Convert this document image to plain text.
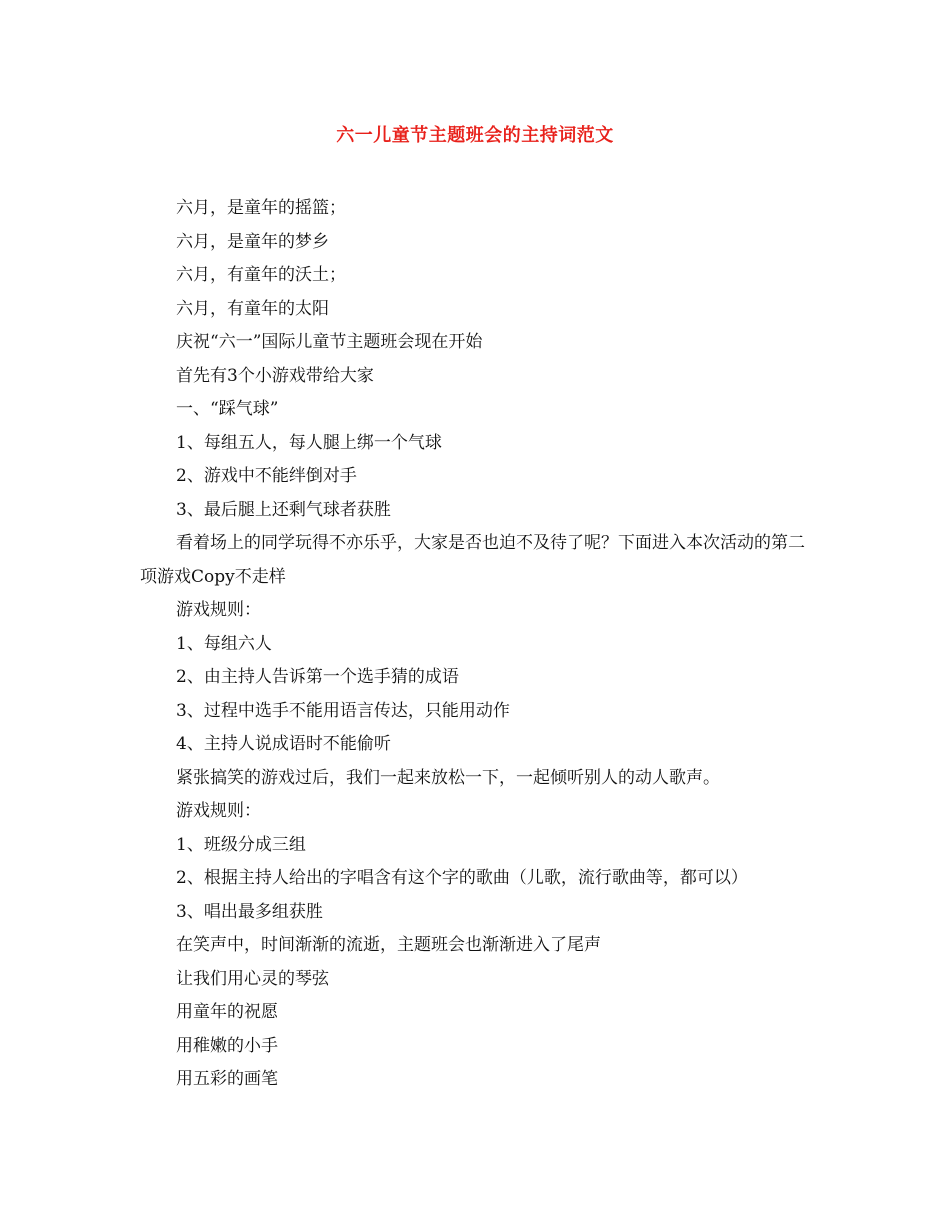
六一儿童节主题班会的主持词范文

六月，是童年的摇篮；

六月，是童年的梦乡

六月，有童年的沃土；

六月，有童年的太阳

庆祝“六一”国际儿童节主题班会现在开始

首先有3个小游戏带给大家

一、“踩气球”

1、每组五人，每人腿上绑一个气球

2、游戏中不能绊倒对手

3、最后腿上还剩气球者获胜

看着场上的同学玩得不亦乐乎，大家是否也迫不及待了呢？下面进入本次活动的第二项游戏Copy不走样

游戏规则：

1、每组六人

2、由主持人告诉第一个选手猜的成语

3、过程中选手不能用语言传达，只能用动作

4、主持人说成语时不能偷听

紧张搞笑的游戏过后，我们一起来放松一下，一起倾听别人的动人歌声。

游戏规则：

1、班级分成三组

2、根据主持人给出的字唱含有这个字的歌曲（儿歌，流行歌曲等，都可以）

3、唱出最多组获胜

在笑声中，时间渐渐的流逝，主题班会也渐渐进入了尾声

让我们用心灵的琴弦

用童年的祝愿

用稚嫩的小手

用五彩的画笔
